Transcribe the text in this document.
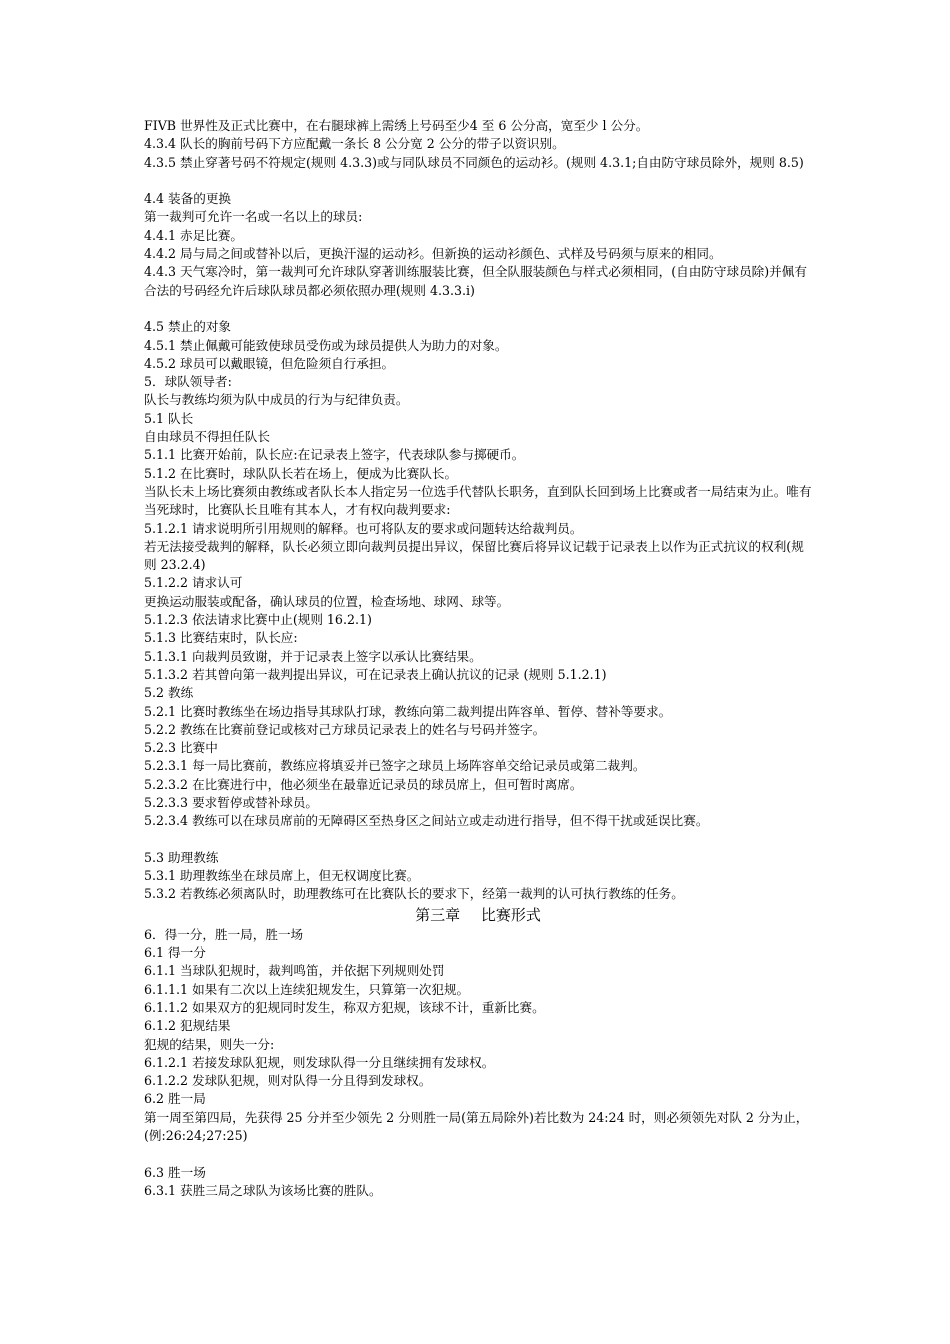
FIVB 世界性及正式比赛中，在右腿球裤上需绣上号码至少4 至 6 公分高，宽至少 l 公分。
4.3.4 队长的胸前号码下方应配戴一条长 8 公分宽 2 公分的带子以资识别。
4.3.5 禁止穿著号码不符规定(规则 4.3.3)或与同队球员不同颜色的运动衫。(规则 4.3.1;自由防守球员除外，规则 8.5)
4.4 装备的更换
第一裁判可允许一名或一名以上的球员:
4.4.1 赤足比赛。
4.4.2 局与局之间或替补以后，更换汗湿的运动衫。但新换的运动衫颜色、式样及号码须与原来的相同。
4.4.3 天气寒冷时，第一裁判可允许球队穿著训练服装比赛，但全队服装颜色与样式必须相同，(自由防守球员除)并佩有合法的号码经允许后球队球员都必须依照办理(规则 4.3.3.i)
4.5 禁止的对象
4.5.1 禁止佩戴可能致使球员受伤或为球员提供人为助力的对象。
4.5.2 球员可以戴眼镜，但危险须自行承担。
5．球队领导者:
队长与教练均须为队中成员的行为与纪律负责。
5.1 队长
自由球员不得担任队长
5.1.1 比赛开始前，队长应:在记录表上签字，代表球队参与掷硬币。
5.1.2 在比赛时，球队队长若在场上，便成为比赛队长。
当队长未上场比赛须由教练或者队长本人指定另一位选手代替队长职务，直到队长回到场上比赛或者一局结束为止。唯有当死球时，比赛队长且唯有其本人，才有权向裁判要求:
5.1.2.1 请求说明所引用规则的解释。也可将队友的要求或问题转达给裁判员。
若无法接受裁判的解释，队长必须立即向裁判员提出异议，保留比赛后将异议记载于记录表上以作为正式抗议的权利(规则 23.2.4)
5.1.2.2 请求认可
更换运动服装或配备，确认球员的位置，检查场地、球网、球等。
5.1.2.3 依法请求比赛中止(规则 16.2.1)
5.1.3 比赛结束时，队长应:
5.1.3.1 向裁判员致谢，并于记录表上签字以承认比赛结果。
5.1.3.2 若其曾向第一裁判提出异议，可在记录表上确认抗议的记录 (规则 5.1.2.1)
5.2 教练
5.2.1 比赛时教练坐在场边指导其球队打球，教练向第二裁判提出阵容单、暂停、替补等要求。
5.2.2 教练在比赛前登记或核对己方球员记录表上的姓名与号码并签字。
5.2.3 比赛中
5.2.3.1 每一局比赛前，教练应将填妥并已签字之球员上场阵容单交给记录员或第二裁判。
5.2.3.2 在比赛进行中，他必须坐在最靠近记录员的球员席上，但可暂时离席。
5.2.3.3 要求暂停或替补球员。
5.2.3.4 教练可以在球员席前的无障碍区至热身区之间站立或走动进行指导，但不得干扰或延误比赛。
5.3 助理教练
5.3.1 助理教练坐在球员席上，但无权调度比赛。
5.3.2 若教练必须离队时，助理教练可在比赛队长的要求下，经第一裁判的认可执行教练的任务。
第三章 比赛形式
6．得一分，胜一局，胜一场
6.1 得一分
6.1.1 当球队犯规时，裁判鸣笛，并依据下列规则处罚
6.1.1.1 如果有二次以上连续犯规发生，只算第一次犯规。
6.1.1.2 如果双方的犯规同时发生，称双方犯规，该球不计，重新比赛。
6.1.2 犯规结果
犯规的结果，则失一分:
6.1.2.1 若接发球队犯规，则发球队得一分且继续拥有发球权。
6.1.2.2 发球队犯规，则对队得一分且得到发球权。
6.2 胜一局
第一周至第四局，先获得 25 分并至少领先 2 分则胜一局(第五局除外)若比数为 24:24 时，则必须领先对队 2 分为止，(例:26:24;27:25)
6.3 胜一场
6.3.1 获胜三局之球队为该场比赛的胜队。
